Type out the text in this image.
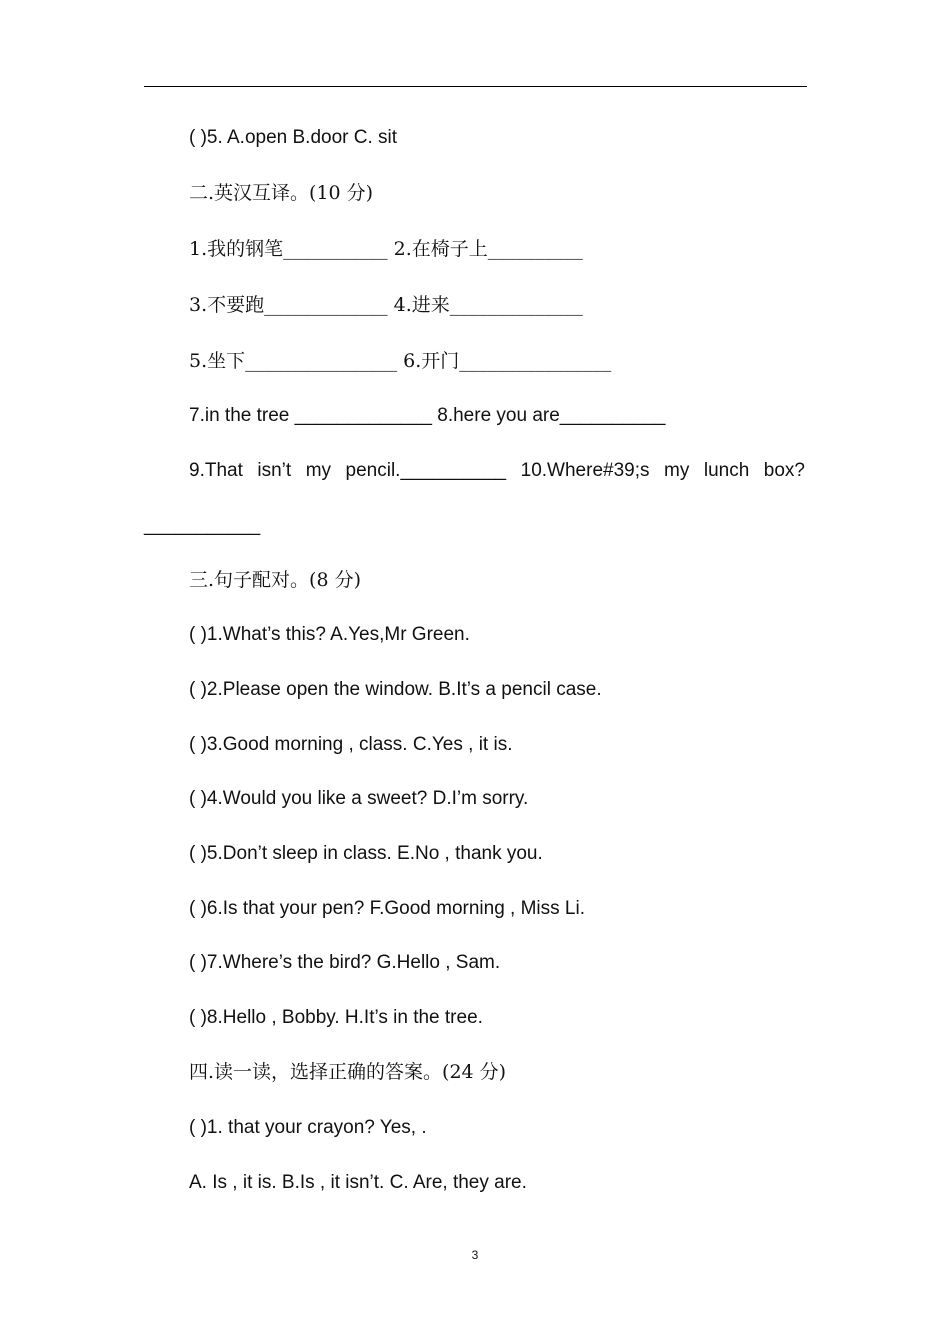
( )5. A.open B.door C. sit
二.英汉互译。(10 分)
1.我的钢笔___________ 2.在椅子上__________
3.不要跑_____________ 4.进来______________
5.坐下________________ 6.开门________________
7.in the tree _____________ 8.here you are__________
9.That isn’t my pencil.__________ 10.Where#39;s my lunch box?
___________
三.句子配对。(8 分)
( )1.What’s this? A.Yes,Mr Green.
( )2.Please open the window. B.It’s a pencil case.
( )3.Good morning , class. C.Yes , it is.
( )4.Would you like a sweet? D.I’m sorry.
( )5.Don’t sleep in class. E.No , thank you.
( )6.Is that your pen? F.Good morning , Miss Li.
( )7.Where’s the bird? G.Hello , Sam.
( )8.Hello , Bobby. H.It’s in the tree.
四.读一读，选择正确的答案。(24 分)
( )1. that your crayon? Yes, .
A. Is , it is. B.Is , it isn’t. C. Are, they are.
3
